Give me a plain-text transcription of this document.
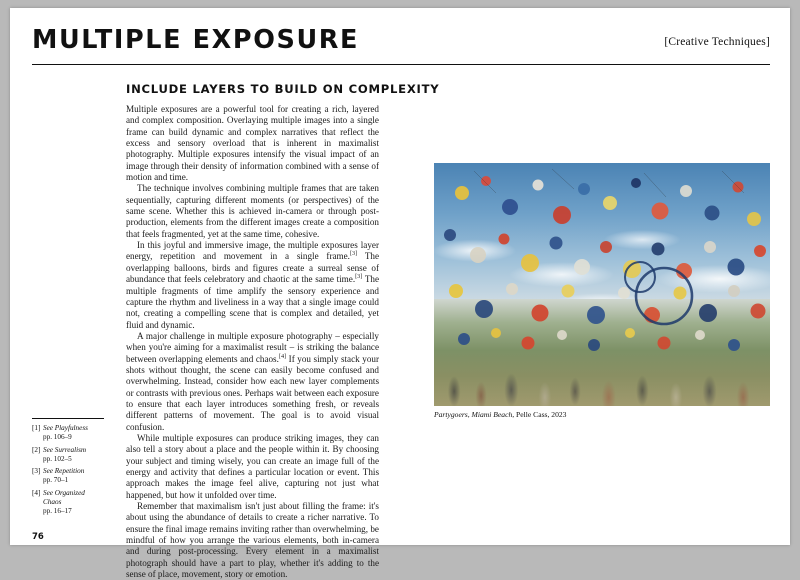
MULTIPLE EXPOSURE	[Creative Techniques]
INCLUDE LAYERS TO BUILD ON COMPLEXITY

Multiple exposures are a powerful tool for creating a rich, layered and complex composition. Overlaying multiple images into a single frame can build dynamic and complex narratives that reflect the excess and sensory overload that is inherent in maximalist photography. Multiple exposures intensify the visual impact of an image through their density of information combined with a sense of motion and time.

The technique involves combining multiple frames that are taken sequentially, capturing different moments (or perspectives) of the same scene. Whether this is achieved in-camera or through post-production, elements from the different images create a composition that feels fragmented, yet at the same time, cohesive.

In this joyful and immersive image, the multiple exposures layer energy, repetition and movement in a single frame.[3] The overlapping balloons, birds and figures create a surreal sense of abundance that feels celebratory and chaotic at the same time.[3] The multiple fragments of time amplify the sensory experience and capture the rhythm and liveliness in a way that a single image could not, creating a compelling scene that is complex and detailed, yet fluid and dynamic.

A major challenge in multiple exposure photography – especially when you're aiming for a maximalist result – is striking the balance between overlapping elements and chaos.[4] If you simply stack your shots without thought, the scene can easily become confused and overwhelming. Instead, consider how each new layer complements or contrasts with previous ones. Perhaps wait between each exposure to ensure that each layer introduces something fresh, or reveals different patterns of movement. The goal is to avoid visual confusion.

While multiple exposures can produce striking images, they can also tell a story about a place and the people within it. By choosing your subject and timing wisely, you can create an image full of the energy and activity that defines a particular location or event. This approach makes the image feel alive, capturing not just what happened, but how it unfolded over time.

Remember that maximalism isn't just about filling the frame: it's about using the abundance of details to create a richer narrative. To ensure the final image remains inviting rather than overwhelming, be mindful of how you arrange the various elements, both in-camera and during post-processing. Every element in a maximalist photograph should have a part to play, whether it's adding to the sense of place, movement, story or emotion.

Partygoers, Miami Beach, Pelle Cass, 2023
[1] See Playfulness
pp. 106–9
[2] See Surrealism
pp. 102–5
[3] See Repetition
pp. 70–1
[4] See Organized Chaos
pp. 16–17
76
